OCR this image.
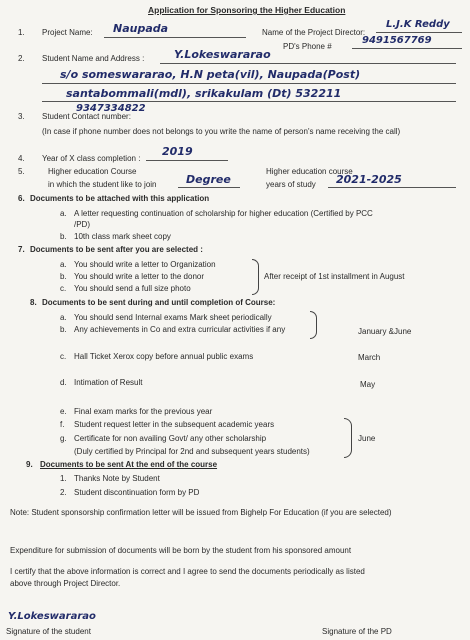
Application for Sponsoring the Higher Education
1. Project Name: Naupada	Name of the Project Director:
L.J.K Reddy
PD's Phone #
9491567769
2. Student Name and Address :	Y.Lokeswararao
s/o someswararao, H.N peta(vil), Naupada(Post)
santabommali(mdl), srikakulam (Dt) 532211
9347334822
3. Student Contact number:
(In case if phone number does not belongs to you write the name of person's name receiving the call)
4. Year of X class completion :
2019
5.	Higher education Course
in which the student like to join	Degree
Higher education course
years of study 2021-2025
6. Documents to be attached with this application
a. A letter requesting continuation of scholarship for higher education (Certified by PCC
/PD)
b. 10th class mark sheet copy
7. Documents to be sent after you are selected :
a. You should write a letter to Organization
b. You should write a letter to the donor
c. You should send a full size photo
After receipt of 1st installment in August
8. Documents to be sent during and until completion of Course:
a. You should send Internal exams Mark sheet periodically
b. Any achievements in Co and extra curricular activities if any	January &June
c. Hall Ticket Xerox copy before annual public exams	March
d. Intimation of Result	May
e. Final exam marks for the previous year
f. Student request letter in the subsequent academic years
g. Certificate for non availing Govt/ any other scholarship
(Duly certified by Principal for 2nd and subsequent years students)
June
9. Documents to be sent At the end of the course
1. Thanks Note by Student
2. Student discontinuation form by PD
Note: Student sponsorship confirmation letter will be issued from Bighelp For Education (if you are selected)
Expenditure for submission of documents will be born by the student from his sponsored amount
I certify that the above information is correct and I agree to send the documents periodically as listed
above through Project Director.
Y.Lokeswararao
Signature of the student	Signature of the PD
